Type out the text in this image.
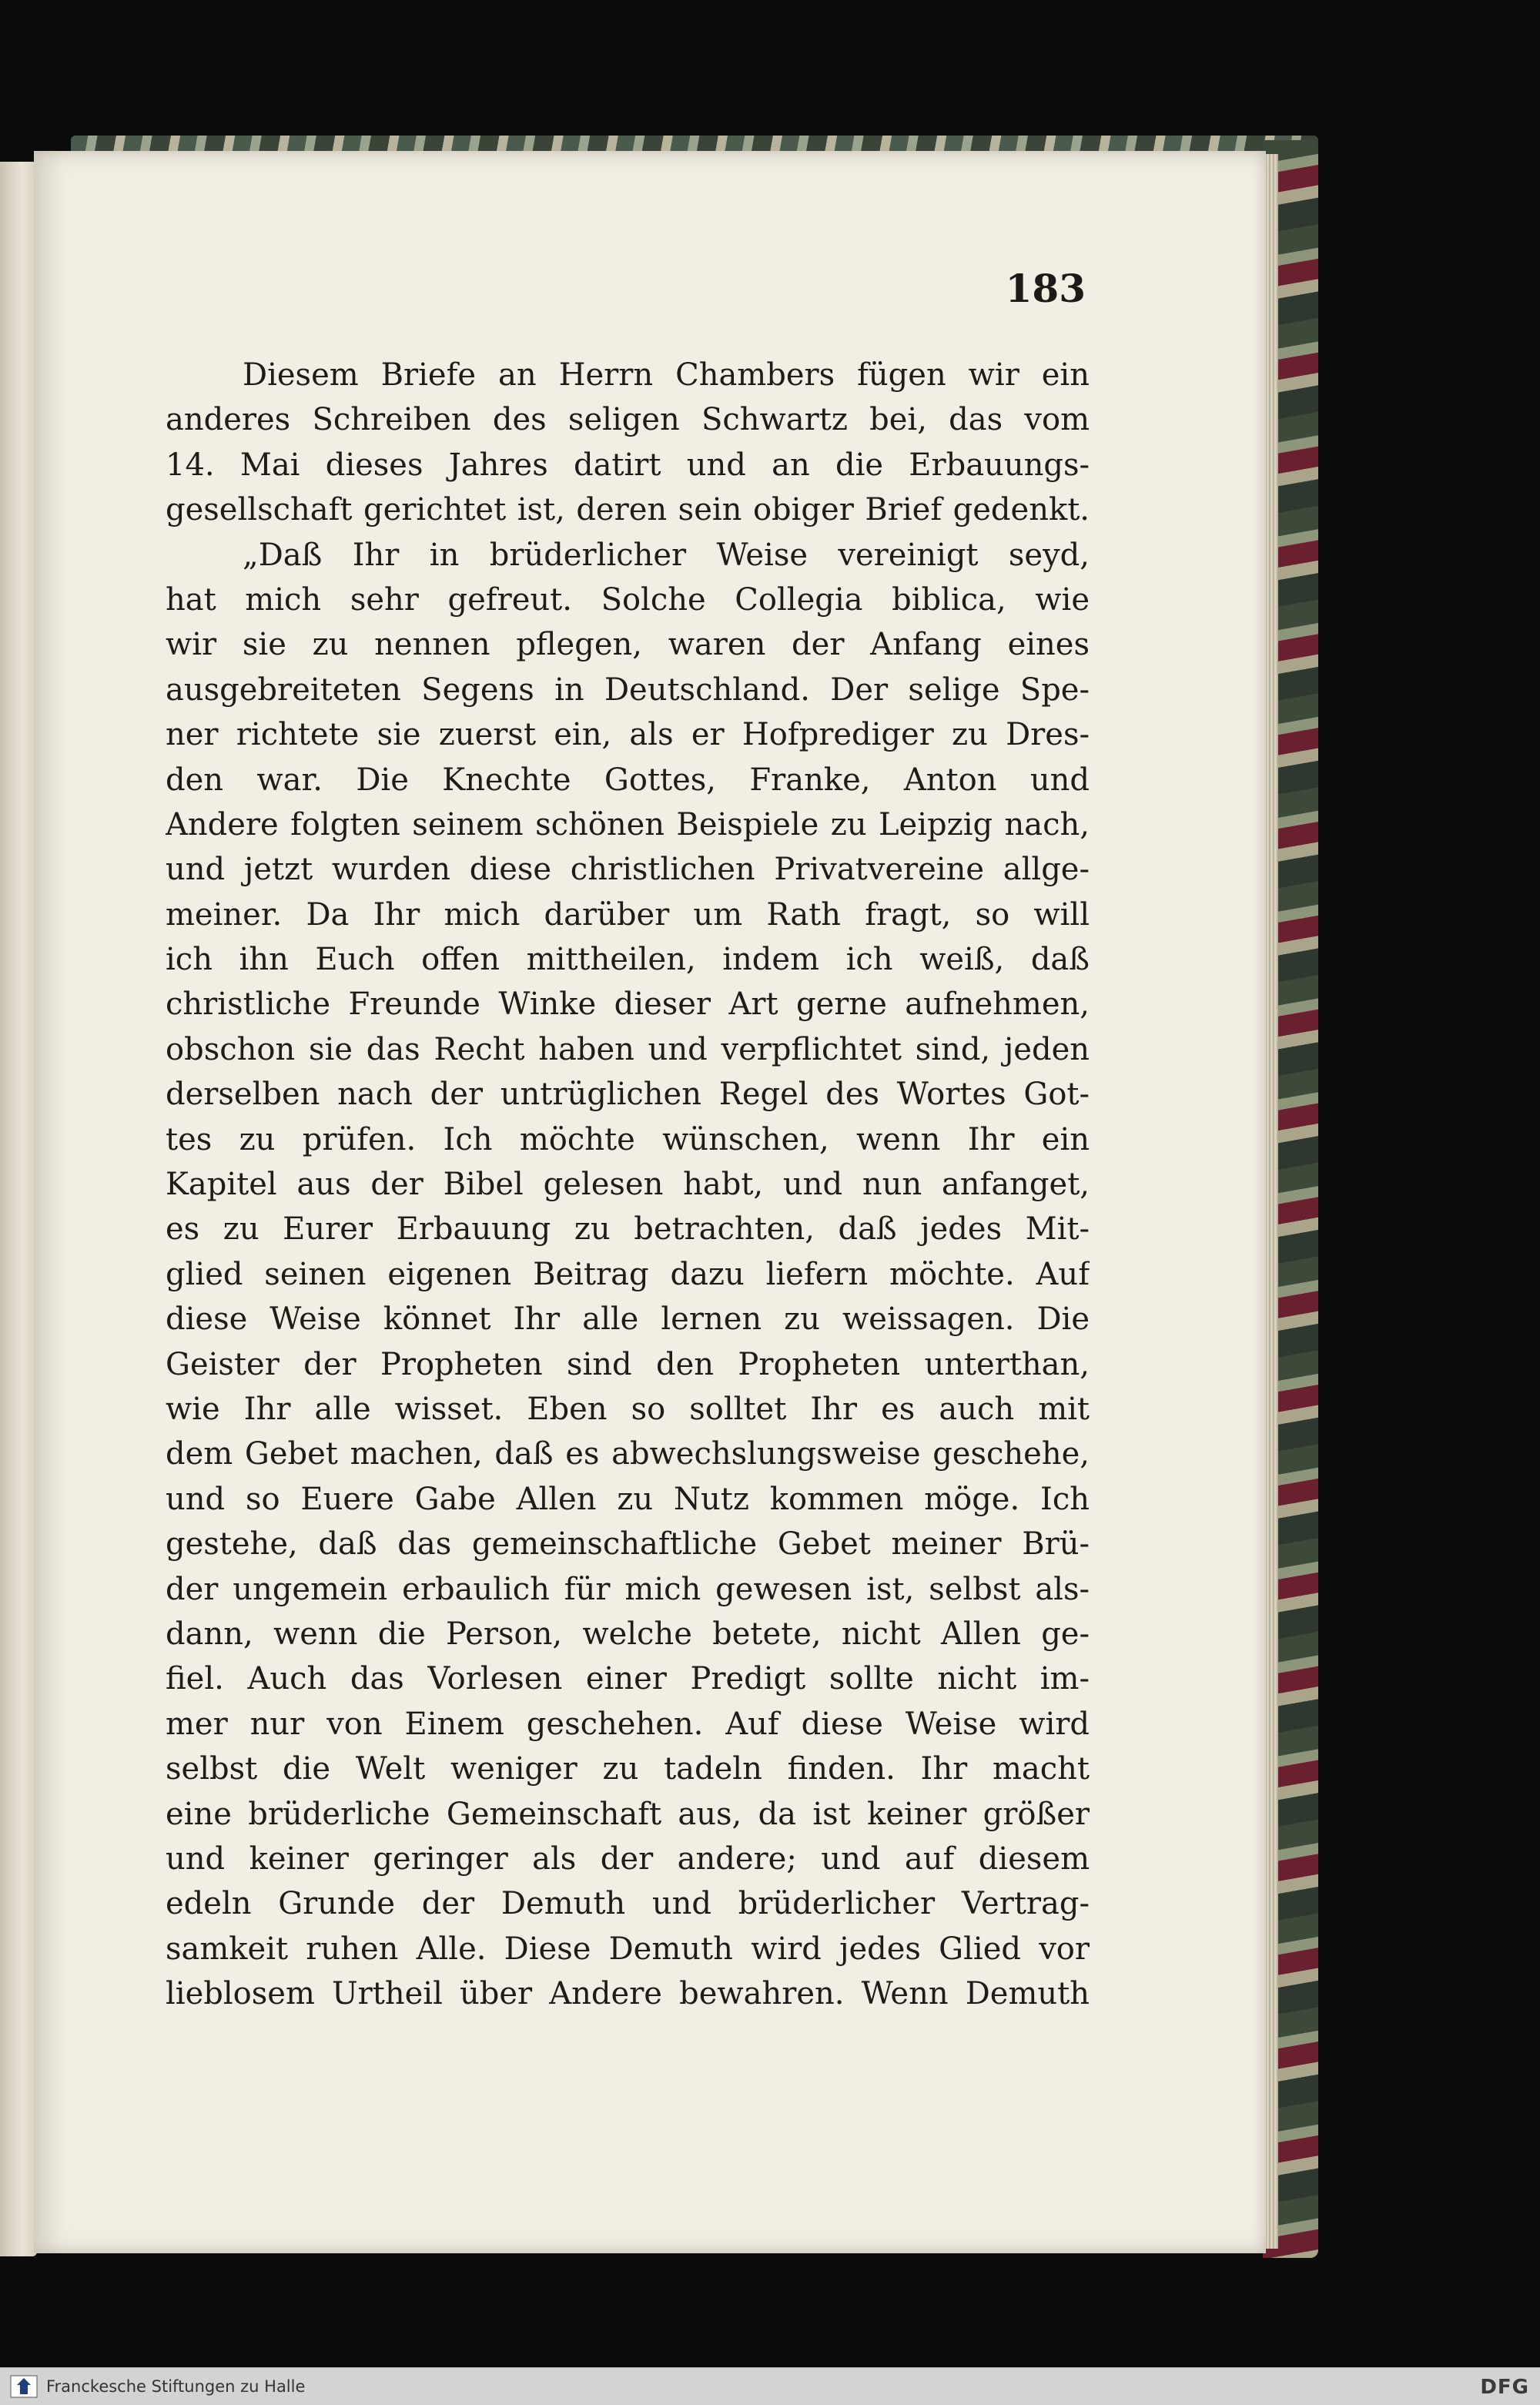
183
Diesem Briefe an Herrn Chambers fügen wir ein
anderes Schreiben des seligen Schwartz bei, das vom
14. Mai dieses Jahres datirt und an die Erbauungs-
gesellschaft gerichtet ist, deren sein obiger Brief gedenkt.
„Daß Ihr in brüderlicher Weise vereinigt seyd,
hat mich sehr gefreut. Solche Collegia biblica, wie
wir sie zu nennen pflegen, waren der Anfang eines
ausgebreiteten Segens in Deutschland. Der selige Spe-
ner richtete sie zuerst ein, als er Hofprediger zu Dres-
den war. Die Knechte Gottes, Franke, Anton und
Andere folgten seinem schönen Beispiele zu Leipzig nach,
und jetzt wurden diese christlichen Privatvereine allge-
meiner. Da Ihr mich darüber um Rath fragt, so will
ich ihn Euch offen mittheilen, indem ich weiß, daß
christliche Freunde Winke dieser Art gerne aufnehmen,
obschon sie das Recht haben und verpflichtet sind, jeden
derselben nach der untrüglichen Regel des Wortes Got-
tes zu prüfen. Ich möchte wünschen, wenn Ihr ein
Kapitel aus der Bibel gelesen habt, und nun anfanget,
es zu Eurer Erbauung zu betrachten, daß jedes Mit-
glied seinen eigenen Beitrag dazu liefern möchte. Auf
diese Weise könnet Ihr alle lernen zu weissagen. Die
Geister der Propheten sind den Propheten unterthan,
wie Ihr alle wisset. Eben so solltet Ihr es auch mit
dem Gebet machen, daß es abwechslungsweise geschehe,
und so Euere Gabe Allen zu Nutz kommen möge. Ich
gestehe, daß das gemeinschaftliche Gebet meiner Brü-
der ungemein erbaulich für mich gewesen ist, selbst als-
dann, wenn die Person, welche betete, nicht Allen ge-
fiel. Auch das Vorlesen einer Predigt sollte nicht im-
mer nur von Einem geschehen. Auf diese Weise wird
selbst die Welt weniger zu tadeln finden. Ihr macht
eine brüderliche Gemeinschaft aus, da ist keiner größer
und keiner geringer als der andere; und auf diesem
edeln Grunde der Demuth und brüderlicher Vertrag-
samkeit ruhen Alle. Diese Demuth wird jedes Glied vor
lieblosem Urtheil über Andere bewahren. Wenn Demuth
Franckesche Stiftungen zu Halle	DFG
